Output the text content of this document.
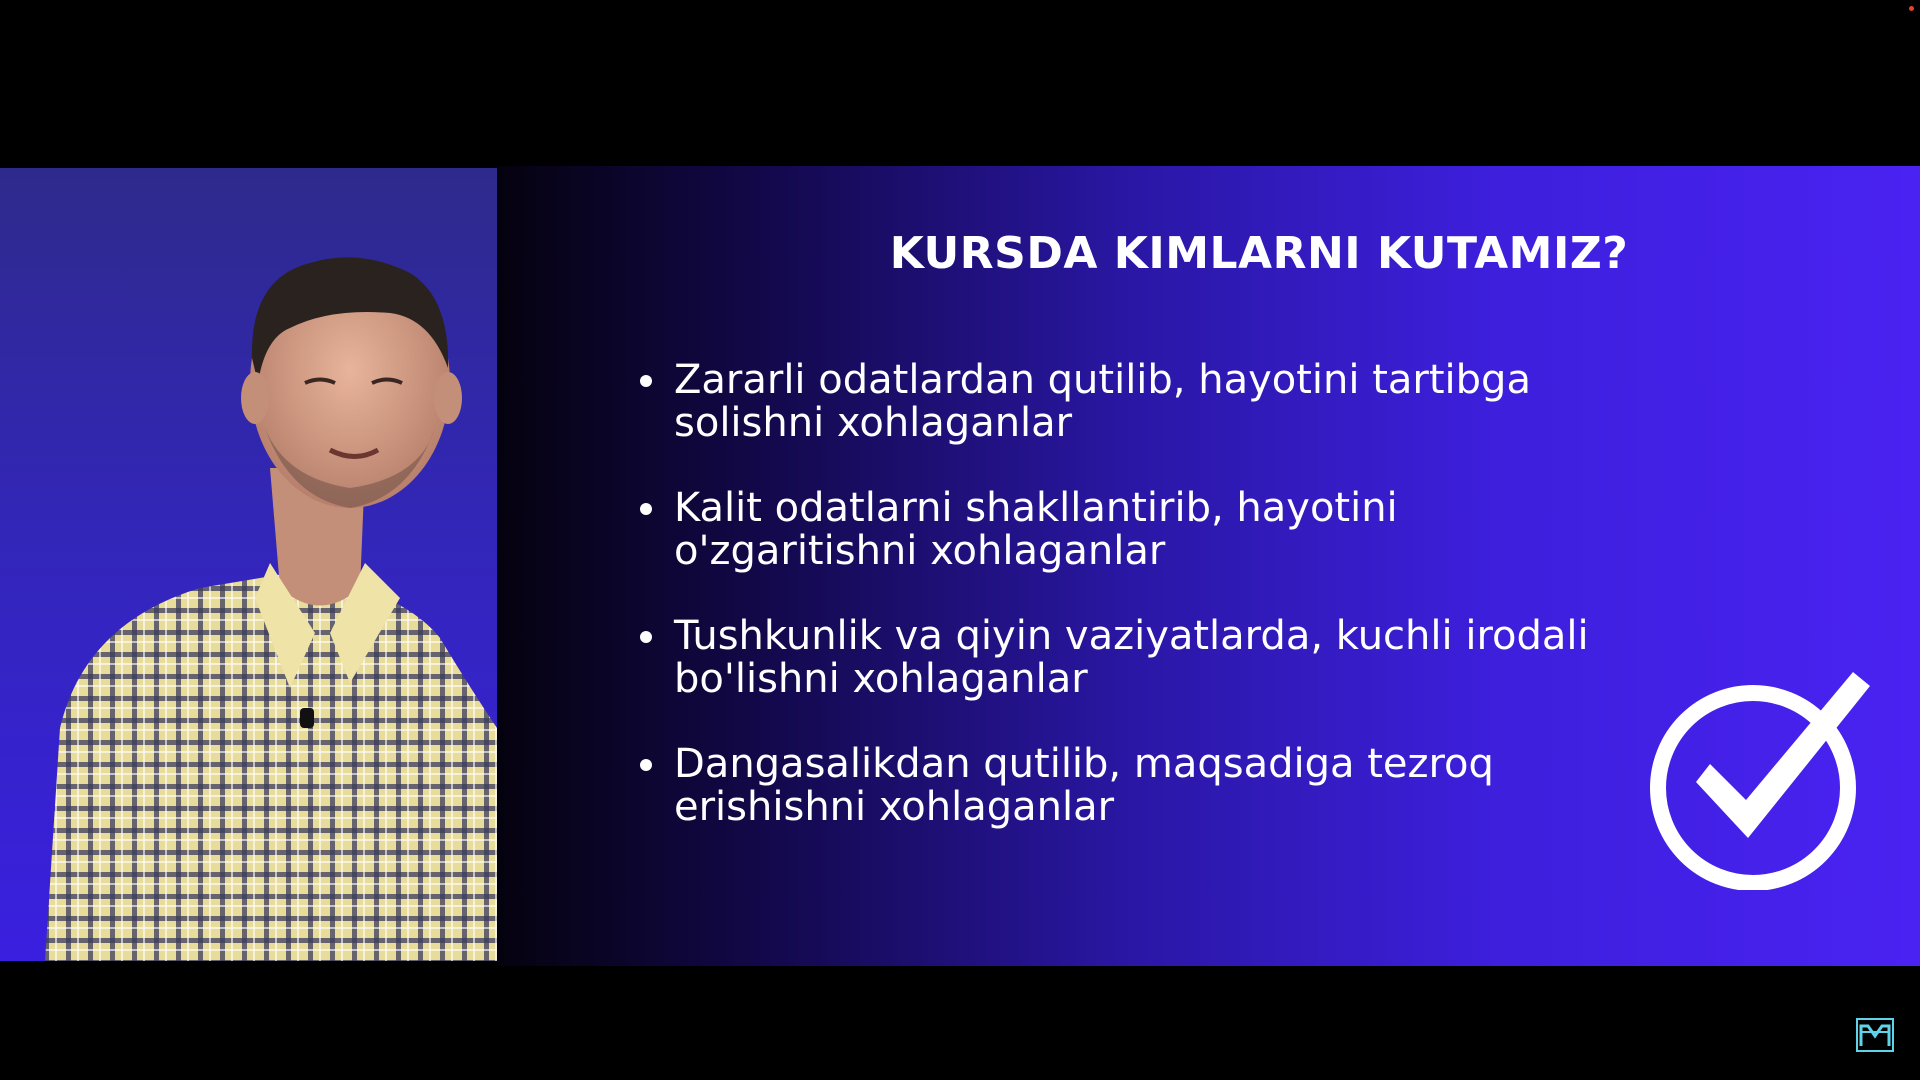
KURSDA KIMLARNI KUTAMIZ?
Zararli odatlardan qutilib, hayotini tartibga
solishni xohlaganlar
Kalit odatlarni shakllantirib, hayotini
o'zgaritishni xohlaganlar
Tushkunlik va qiyin vaziyatlarda, kuchli irodali
bo'lishni xohlaganlar
Dangasalikdan qutilib, maqsadiga tezroq
erishishni xohlaganlar
